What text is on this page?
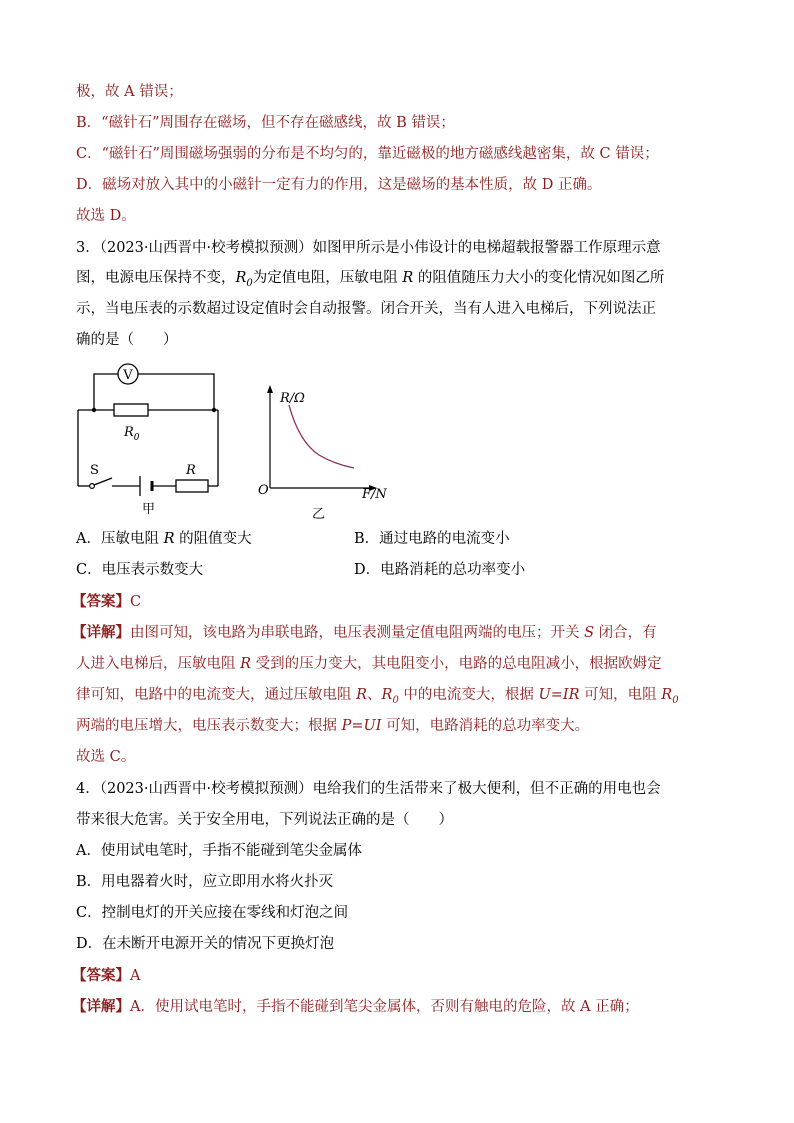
极，故 A 错误；
B．“磁针石”周围存在磁场，但不存在磁感线，故 B 错误；
C．“磁针石”周围磁场强弱的分布是不均匀的，靠近磁极的地方磁感线越密集，故 C 错误；
D．磁场对放入其中的小磁针一定有力的作用，这是磁场的基本性质，故 D 正确。
故选 D。
3．（2023·山西晋中·校考模拟预测）如图甲所示是小伟设计的电梯超载报警器工作原理示意
图，电源电压保持不变，$R_0$为定值电阻，压敏电阻 R 的阻值随压力大小的变化情况如图乙所
示，当电压表的示数超过设定值时会自动报警。闭合开关，当有人进入电梯后，下列说法正
确的是（　　）
V
$R_0$
S	R
甲
R/Ω
F/N
O
乙
A．压敏电阻 R 的阻值变大	B．通过电路的电流变小
C．电压表示数变大	D．电路消耗的总功率变小
【答案】C
【详解】由图可知，该电路为串联电路，电压表测量定值电阻两端的电压；开关 S 闭合，有
人进入电梯后，压敏电阻 R 受到的压力变大，其电阻变小，电路的总电阻减小，根据欧姆定
律可知，电路中的电流变大，通过压敏电阻 R、$R_0$ 中的电流变大，根据 U=IR 可知，电阻 $R_0$
两端的电压增大，电压表示数变大；根据 P=UI 可知，电路消耗的总功率变大。
故选 C。
4．（2023·山西晋中·校考模拟预测）电给我们的生活带来了极大便利，但不正确的用电也会
带来很大危害。关于安全用电，下列说法正确的是（　　）
A．使用试电笔时，手指不能碰到笔尖金属体
B．用电器着火时，应立即用水将火扑灭
C．控制电灯的开关应接在零线和灯泡之间
D．在未断开电源开关的情况下更换灯泡
【答案】A
【详解】A．使用试电笔时，手指不能碰到笔尖金属体，否则有触电的危险，故 A 正确；
